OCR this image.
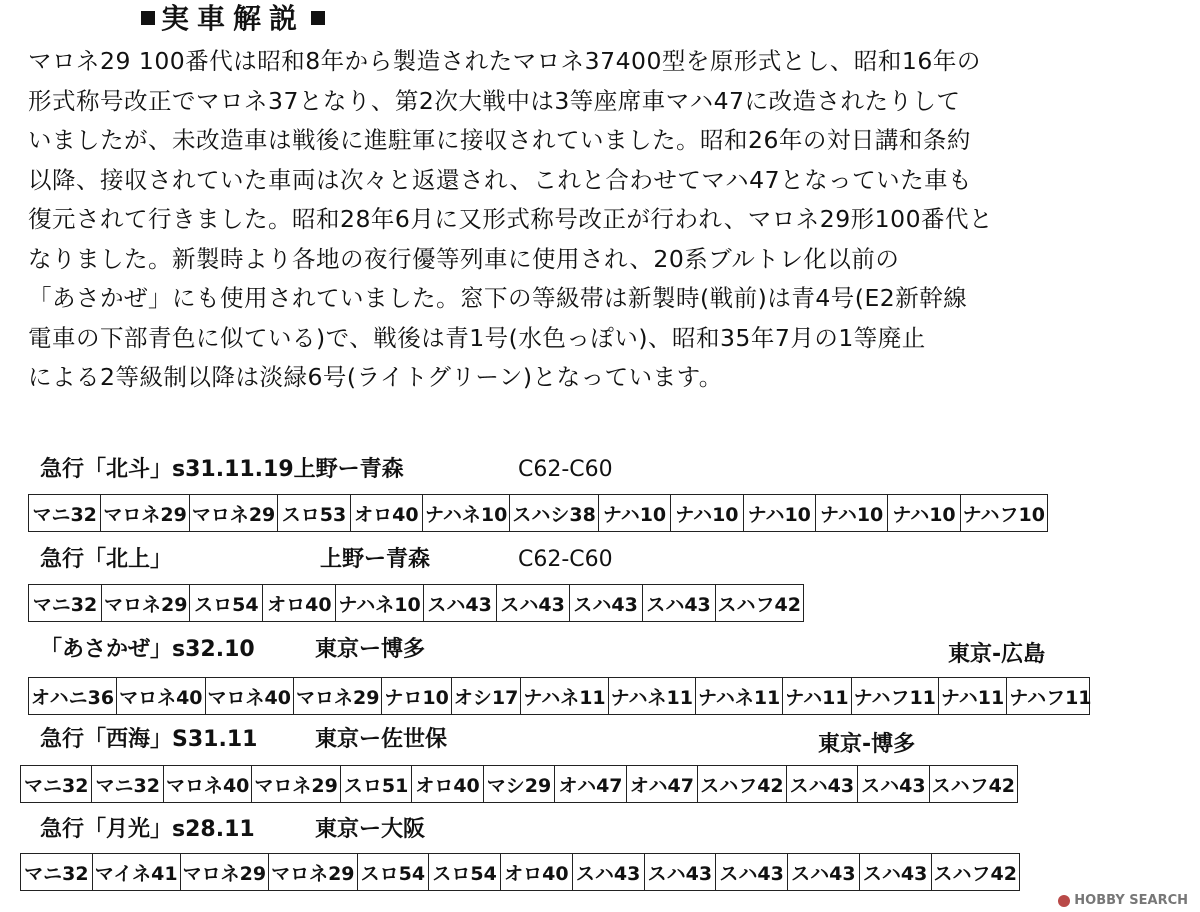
実車解説
マロネ29 100番代は昭和8年から製造されたマロネ37400型を原形式とし、昭和16年の
形式称号改正でマロネ37となり、第2次大戦中は3等座席車マハ47に改造されたりして
いましたが、未改造車は戦後に進駐軍に接収されていました。昭和26年の対日講和条約
以降、接収されていた車両は次々と返還され、これと合わせてマハ47となっていた車も
復元されて行きました。昭和28年6月に又形式称号改正が行われ、マロネ29形100番代と
なりました。新製時より各地の夜行優等列車に使用され、20系ブルトレ化以前の
「あさかぜ」にも使用されていました。窓下の等級帯は新製時(戦前)は青4号(E2新幹線
電車の下部青色に似ている)で、戦後は青1号(水色っぽい)、昭和35年7月の1等廃止
による2等級制以降は淡緑6号(ライトグリーン)となっています。
急行「北斗」s31.11.19上野ー青森	C62-C60
マニ32 マロネ29 マロネ29 スロ53 オロ40 ナハネ10 スハシ38 ナハ10 ナハ10 ナハ10 ナハ10 ナハ10 ナハフ10
急行「北上」	上野ー青森	C62-C60
マニ32 マロネ29 スロ54 オロ40 ナハネ10 スハ43 スハ43 スハ43 スハ43 スハフ42
「あさかぜ」s32.10	東京ー博多	東京-広島
オハニ36 マロネ40 マロネ40 マロネ29 ナロ10 オシ17 ナハネ11 ナハネ11 ナハネ11 ナハ11 ナハフ11 ナハ11 ナハフ11
急行「西海」S31.11	東京ー佐世保	東京-博多
マニ32 マニ32 マロネ40 マロネ29 スロ51 オロ40 マシ29 オハ47 オハ47 スハフ42 スハ43 スハ43 スハフ42
急行「月光」s28.11	東京ー大阪
マニ32 マイネ41 マロネ29 マロネ29 スロ54 スロ54 オロ40 スハ43 スハ43 スハ43 スハ43 スハ43 スハフ42
HOBBY SEARCH
